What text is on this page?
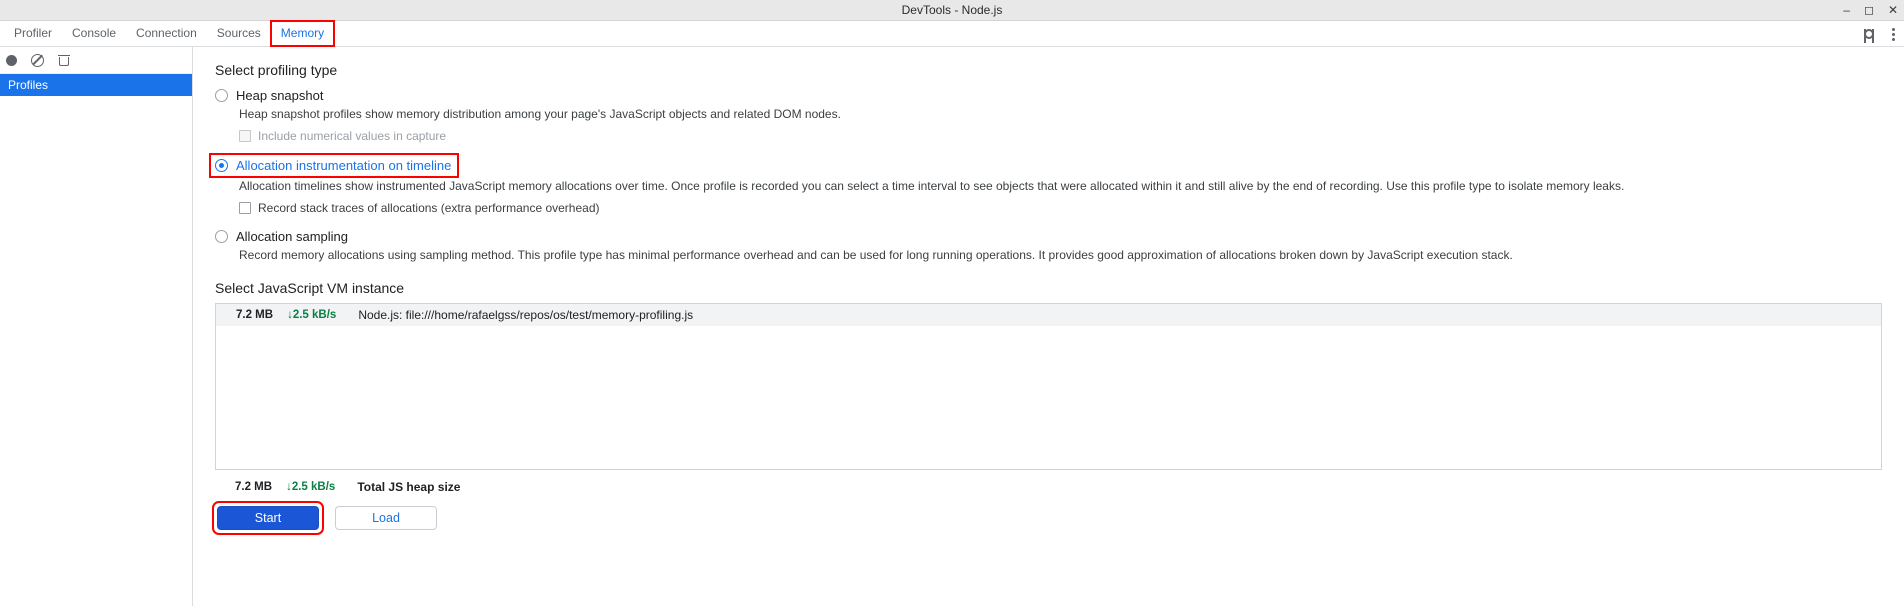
DevTools - Node.js	– ◻ ✕
Profiler	Console	Connection	Sources	Memory
Profiles
Select profiling type
Heap snapshot
Heap snapshot profiles show memory distribution among your page's JavaScript objects and related DOM nodes.
Include numerical values in capture
Allocation instrumentation on timeline
Allocation timelines show instrumented JavaScript memory allocations over time. Once profile is recorded you can select a time interval to see objects that were allocated within it and still alive by the end of recording. Use this profile type to isolate memory leaks.
Record stack traces of allocations (extra performance overhead)
Allocation sampling
Record memory allocations using sampling method. This profile type has minimal performance overhead and can be used for long running operations. It provides good approximation of allocations broken down by JavaScript execution stack.
Select JavaScript VM instance
7.2 MB ↓2.5 kB/s Node.js: file:///home/rafaelgss/repos/os/test/memory-profiling.js
7.2 MB ↓2.5 kB/s Total JS heap size
Start	Load
